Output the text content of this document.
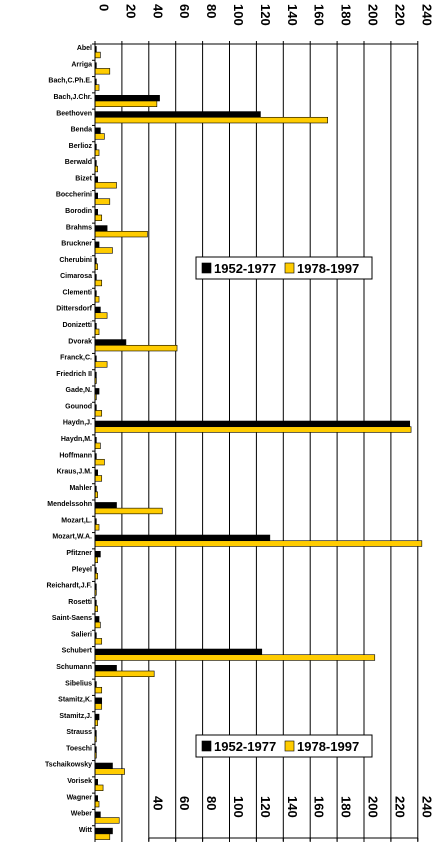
0 20 40 60 80 100 120 140 160 180 200 220 240
40 60 80 100 120 140 160 180 200 220 240
Abel
Arriga
Bach,C.Ph.E.
Bach,J.Chr.
Beethoven
Benda
Berlioz
Berwald
Bizet
Boccherini
Borodin
Brahms
Bruckner
Cherubini
Cimarosa
Clementi
Dittersdorf
Donizetti
Dvorak
Franck,C.
Friedrich II
Gade,N.
Gounod
Haydn,J.
Haydn,M.
Hoffmann
Kraus,J.M.
Mahler
Mendelssohn
Mozart,L.
Mozart,W.A.
Pfitzner
Pleyel
Reichardt,J.F.
Rosetti
Saint-Saens
Salieri
Schubert
Schumann
Sibelius
Stamitz,K.
Stamitz,J.
Strauss
Toeschi
Tschaikowsky
Vorisek
Wagner
Weber
Witt
1952-1977 1978-1997
1952-1977 1978-1997
